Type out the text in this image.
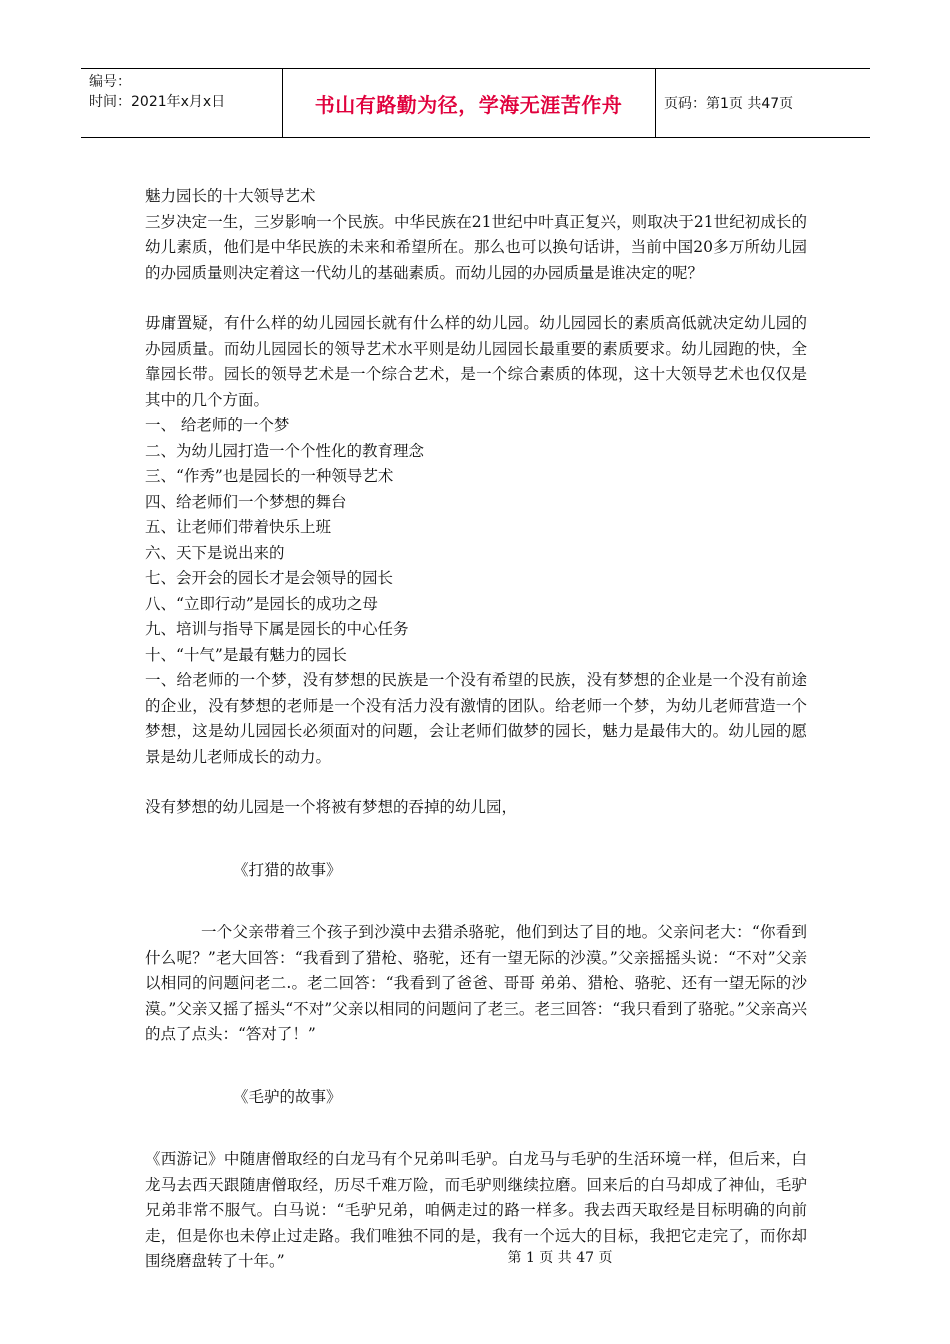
编号：
时间：2021年x月x日	书山有路勤为径，学海无涯苦作舟	页码：第1页 共47页

魅力园长的十大领导艺术

三岁决定一生，三岁影响一个民族。中华民族在21世纪中叶真正复兴，则取决于21世纪初成长的幼儿素质，他们是中华民族的未来和希望所在。那么也可以换句话讲，当前中国20多万所幼儿园的办园质量则决定着这一代幼儿的基础素质。而幼儿园的办园质量是谁决定的呢？

毋庸置疑，有什么样的幼儿园园长就有什么样的幼儿园。幼儿园园长的素质高低就决定幼儿园的办园质量。而幼儿园园长的领导艺术水平则是幼儿园园长最重要的素质要求。幼儿园跑的快，全靠园长带。园长的领导艺术是一个综合艺术，是一个综合素质的体现，这十大领导艺术也仅仅是其中的几个方面。

一、 给老师的一个梦

二、为幼儿园打造一个个性化的教育理念

三、“作秀”也是园长的一种领导艺术

四、给老师们一个梦想的舞台

五、让老师们带着快乐上班

六、天下是说出来的

七、会开会的园长才是会领导的园长

八、“立即行动”是园长的成功之母

九、培训与指导下属是园长的中心任务

十、“十气”是最有魅力的园长

一、给老师的一个梦，没有梦想的民族是一个没有希望的民族，没有梦想的企业是一个没有前途的企业，没有梦想的老师是一个没有活力没有激情的团队。给老师一个梦，为幼儿老师营造一个梦想，这是幼儿园园长必须面对的问题，会让老师们做梦的园长，魅力是最伟大的。幼儿园的愿景是幼儿老师成长的动力。

没有梦想的幼儿园是一个将被有梦想的吞掉的幼儿园，

《打猎的故事》

一个父亲带着三个孩子到沙漠中去猎杀骆驼，他们到达了目的地。父亲问老大：“你看到什么呢？”老大回答：“我看到了猎枪、骆驼，还有一望无际的沙漠。”父亲摇摇头说：“不对”父亲以相同的问题问老二.。老二回答：“我看到了爸爸、哥哥 弟弟、猎枪、骆驼、还有一望无际的沙漠。”父亲又摇了摇头“不对”父亲以相同的问题问了老三。老三回答：“我只看到了骆驼。”父亲高兴的点了点头：“答对了！”

《毛驴的故事》

《西游记》中随唐僧取经的白龙马有个兄弟叫毛驴。白龙马与毛驴的生活环境一样，但后来，白龙马去西天跟随唐僧取经，历尽千难万险，而毛驴则继续拉磨。回来后的白马却成了神仙，毛驴兄弟非常不服气。白马说：“毛驴兄弟，咱俩走过的路一样多。我去西天取经是目标明确的向前走，但是你也未停止过走路。我们唯独不同的是，我有一个远大的目标，我把它走完了，而你却围绕磨盘转了十年。”	第 1 页 共 47 页
